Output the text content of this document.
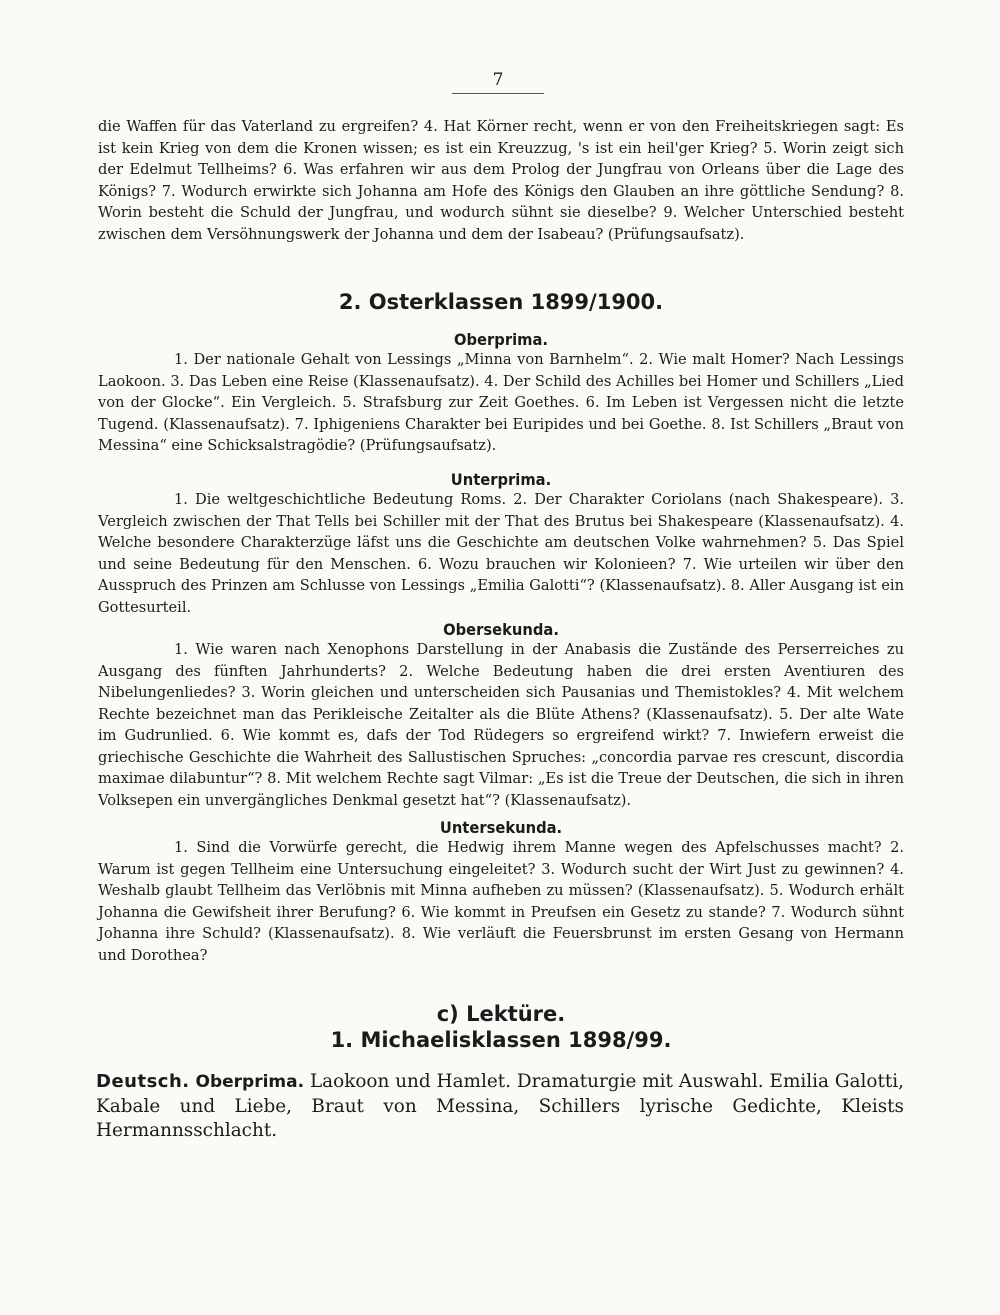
7

die Waffen für das Vaterland zu ergreifen? 4. Hat Körner recht, wenn er von den Freiheitskriegen sagt: Es ist kein Krieg von dem die Kronen wissen; es ist ein Kreuzzug, 's ist ein heil'ger Krieg? 5. Worin zeigt sich der Edelmut Tellheims? 6. Was erfahren wir aus dem Prolog der Jungfrau von Orleans über die Lage des Königs? 7. Wodurch erwirkte sich Johanna am Hofe des Königs den Glauben an ihre göttliche Sendung? 8. Worin besteht die Schuld der Jungfrau, und wodurch sühnt sie dieselbe? 9. Welcher Unterschied besteht zwischen dem Versöhnungswerk der Johanna und dem der Isabeau? (Prüfungsaufsatz).

2. Osterklassen 1899/1900.
Oberprima.

1. Der nationale Gehalt von Lessings „Minna von Barnhelm“. 2. Wie malt Homer? Nach Lessings Laokoon. 3. Das Leben eine Reise (Klassenaufsatz). 4. Der Schild des Achilles bei Homer und Schillers „Lied von der Glocke“. Ein Vergleich. 5. Strafsburg zur Zeit Goethes. 6. Im Leben ist Vergessen nicht die letzte Tugend. (Klassenaufsatz). 7. Iphigeniens Charakter bei Euripides und bei Goethe. 8. Ist Schillers „Braut von Messina“ eine Schicksalstragödie? (Prüfungsaufsatz).

Unterprima.

1. Die weltgeschichtliche Bedeutung Roms. 2. Der Charakter Coriolans (nach Shakespeare). 3. Vergleich zwischen der That Tells bei Schiller mit der That des Brutus bei Shakespeare (Klassenaufsatz). 4. Welche besondere Charakterzüge läfst uns die Geschichte am deutschen Volke wahrnehmen? 5. Das Spiel und seine Bedeutung für den Menschen. 6. Wozu brauchen wir Kolonieen? 7. Wie urteilen wir über den Ausspruch des Prinzen am Schlusse von Lessings „Emilia Galotti“? (Klassenaufsatz). 8. Aller Ausgang ist ein Gottesurteil.

Obersekunda.

1. Wie waren nach Xenophons Darstellung in der Anabasis die Zustände des Perserreiches zu Ausgang des fünften Jahrhunderts? 2. Welche Bedeutung haben die drei ersten Aventiuren des Nibelungenliedes? 3. Worin gleichen und unterscheiden sich Pausanias und Themistokles? 4. Mit welchem Rechte bezeichnet man das Perikleische Zeitalter als die Blüte Athens? (Klassenaufsatz). 5. Der alte Wate im Gudrunlied. 6. Wie kommt es, dafs der Tod Rüdegers so ergreifend wirkt? 7. Inwiefern erweist die griechische Geschichte die Wahrheit des Sallustischen Spruches: „concordia parvae res crescunt, discordia maximae dilabuntur“? 8. Mit welchem Rechte sagt Vilmar: „Es ist die Treue der Deutschen, die sich in ihren Volksepen ein unvergängliches Denkmal gesetzt hat“? (Klassenaufsatz).

Untersekunda.

1. Sind die Vorwürfe gerecht, die Hedwig ihrem Manne wegen des Apfelschusses macht? 2. Warum ist gegen Tellheim eine Untersuchung eingeleitet? 3. Wodurch sucht der Wirt Just zu gewinnen? 4. Weshalb glaubt Tellheim das Verlöbnis mit Minna aufheben zu müssen? (Klassenaufsatz). 5. Wodurch erhält Johanna die Gewifsheit ihrer Berufung? 6. Wie kommt in Preufsen ein Gesetz zu stande? 7. Wodurch sühnt Johanna ihre Schuld? (Klassenaufsatz). 8. Wie verläuft die Feuersbrunst im ersten Gesang von Hermann und Dorothea?

c) Lektüre.
1. Michaelisklassen 1898/99.

Deutsch. Oberprima. Laokoon und Hamlet. Dramaturgie mit Auswahl. Emilia Galotti, Kabale und Liebe, Braut von Messina, Schillers lyrische Gedichte, Kleists Hermannsschlacht.
